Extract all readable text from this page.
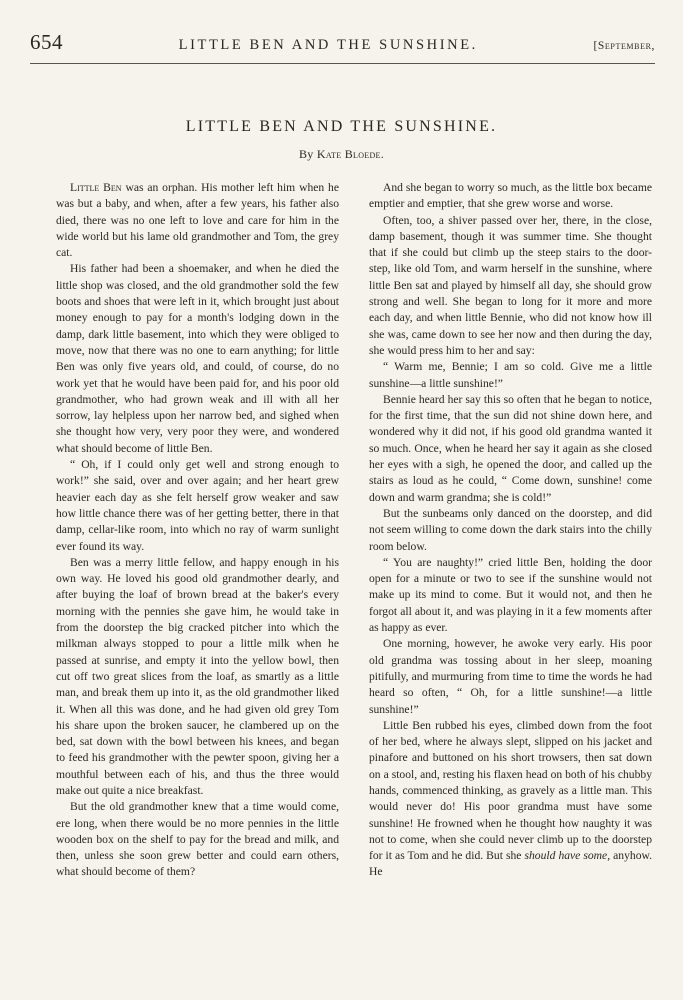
654	LITTLE BEN AND THE SUNSHINE.	[September,
LITTLE BEN AND THE SUNSHINE.
By Kate Bloede.

Little Ben was an orphan. His mother left him when he was but a baby, and when, after a few years, his father also died, there was no one left to love and care for him in the wide world but his lame old grandmother and Tom, the grey cat.

His father had been a shoemaker, and when he died the little shop was closed, and the old grandmother sold the few boots and shoes that were left in it, which brought just about money enough to pay for a month's lodging down in the damp, dark little basement, into which they were obliged to move, now that there was no one to earn anything; for little Ben was only five years old, and could, of course, do no work yet that he would have been paid for, and his poor old grandmother, who had grown weak and ill with all her sorrow, lay helpless upon her narrow bed, and sighed when she thought how very, very poor they were, and wondered what should become of little Ben.

“ Oh, if I could only get well and strong enough to work!” she said, over and over again; and her heart grew heavier each day as she felt herself grow weaker and saw how little chance there was of her getting better, there in that damp, cellar-like room, into which no ray of warm sunlight ever found its way.

Ben was a merry little fellow, and happy enough in his own way. He loved his good old grandmother dearly, and after buying the loaf of brown bread at the baker's every morning with the pennies she gave him, he would take in from the doorstep the big cracked pitcher into which the milkman always stopped to pour a little milk when he passed at sunrise, and empty it into the yellow bowl, then cut off two great slices from the loaf, as smartly as a little man, and break them up into it, as the old grandmother liked it. When all this was done, and he had given old grey Tom his share upon the broken saucer, he clambered up on the bed, sat down with the bowl between his knees, and began to feed his grandmother with the pewter spoon, giving her a mouthful between each of his, and thus the three would make out quite a nice breakfast.

But the old grandmother knew that a time would come, ere long, when there would be no more pennies in the little wooden box on the shelf to pay for the bread and milk, and then, unless she soon grew better and could earn others, what should become of them?

And she began to worry so much, as the little box became emptier and emptier, that she grew worse and worse.

Often, too, a shiver passed over her, there, in the close, damp basement, though it was summer time. She thought that if she could but climb up the steep stairs to the door-step, like old Tom, and warm herself in the sunshine, where little Ben sat and played by himself all day, she should grow strong and well. She began to long for it more and more each day, and when little Bennie, who did not know how ill she was, came down to see her now and then during the day, she would press him to her and say:

“ Warm me, Bennie; I am so cold. Give me a little sunshine—a little sunshine!”

Bennie heard her say this so often that he began to notice, for the first time, that the sun did not shine down here, and wondered why it did not, if his good old grandma wanted it so much. Once, when he heard her say it again as she closed her eyes with a sigh, he opened the door, and called up the stairs as loud as he could, “ Come down, sunshine! come down and warm grandma; she is cold!”

But the sunbeams only danced on the doorstep, and did not seem willing to come down the dark stairs into the chilly room below.

“ You are naughty!” cried little Ben, holding the door open for a minute or two to see if the sunshine would not make up its mind to come. But it would not, and then he forgot all about it, and was playing in it a few moments after as happy as ever.

One morning, however, he awoke very early. His poor old grandma was tossing about in her sleep, moaning pitifully, and murmuring from time to time the words he had heard so often, “ Oh, for a little sunshine!—a little sunshine!”

Little Ben rubbed his eyes, climbed down from the foot of her bed, where he always slept, slipped on his jacket and pinafore and buttoned on his short trowsers, then sat down on a stool, and, resting his flaxen head on both of his chubby hands, commenced thinking, as gravely as a little man. This would never do! His poor grandma must have some sunshine! He frowned when he thought how naughty it was not to come, when she could never climb up to the doorstep for it as Tom and he did. But she should have some, anyhow. He
